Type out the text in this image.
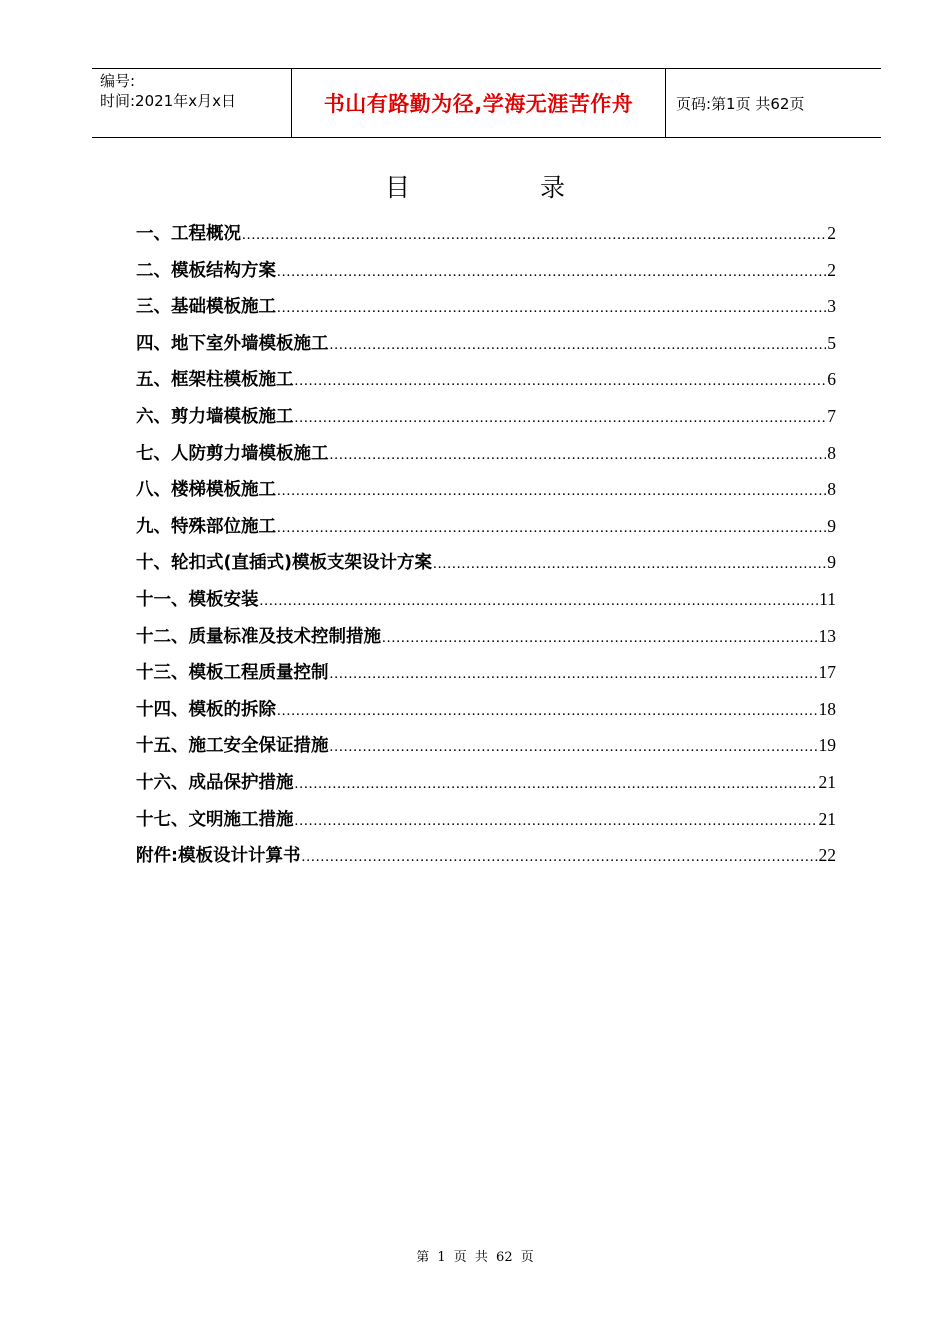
编号:
时间:2021年x月x日	书山有路勤为径,学海无涯苦作舟	页码:第1页 共62页
目	录
一、工程概况 .....	2
二、模板结构方案 .....	2
三、基础模板施工 .....	3
四、地下室外墙模板施工 .....	5
五、框架柱模板施工 .....	6
六、剪力墙模板施工 .....	7
七、人防剪力墙模板施工 .....	8
八、楼梯模板施工 .....	8
九、特殊部位施工 .....	9
十、轮扣式(直插式)模板支架设计方案 .....	9
十一、模板安装 .....	11
十二、质量标准及技术控制措施 .....	13
十三、模板工程质量控制 .....	17
十四、模板的拆除 .....	18
十五、施工安全保证措施 .....	19
十六、成品保护措施 .....	21
十七、文明施工措施 .....	21
附件:模板设计计算书 .....	22
第 1 页 共 62 页
